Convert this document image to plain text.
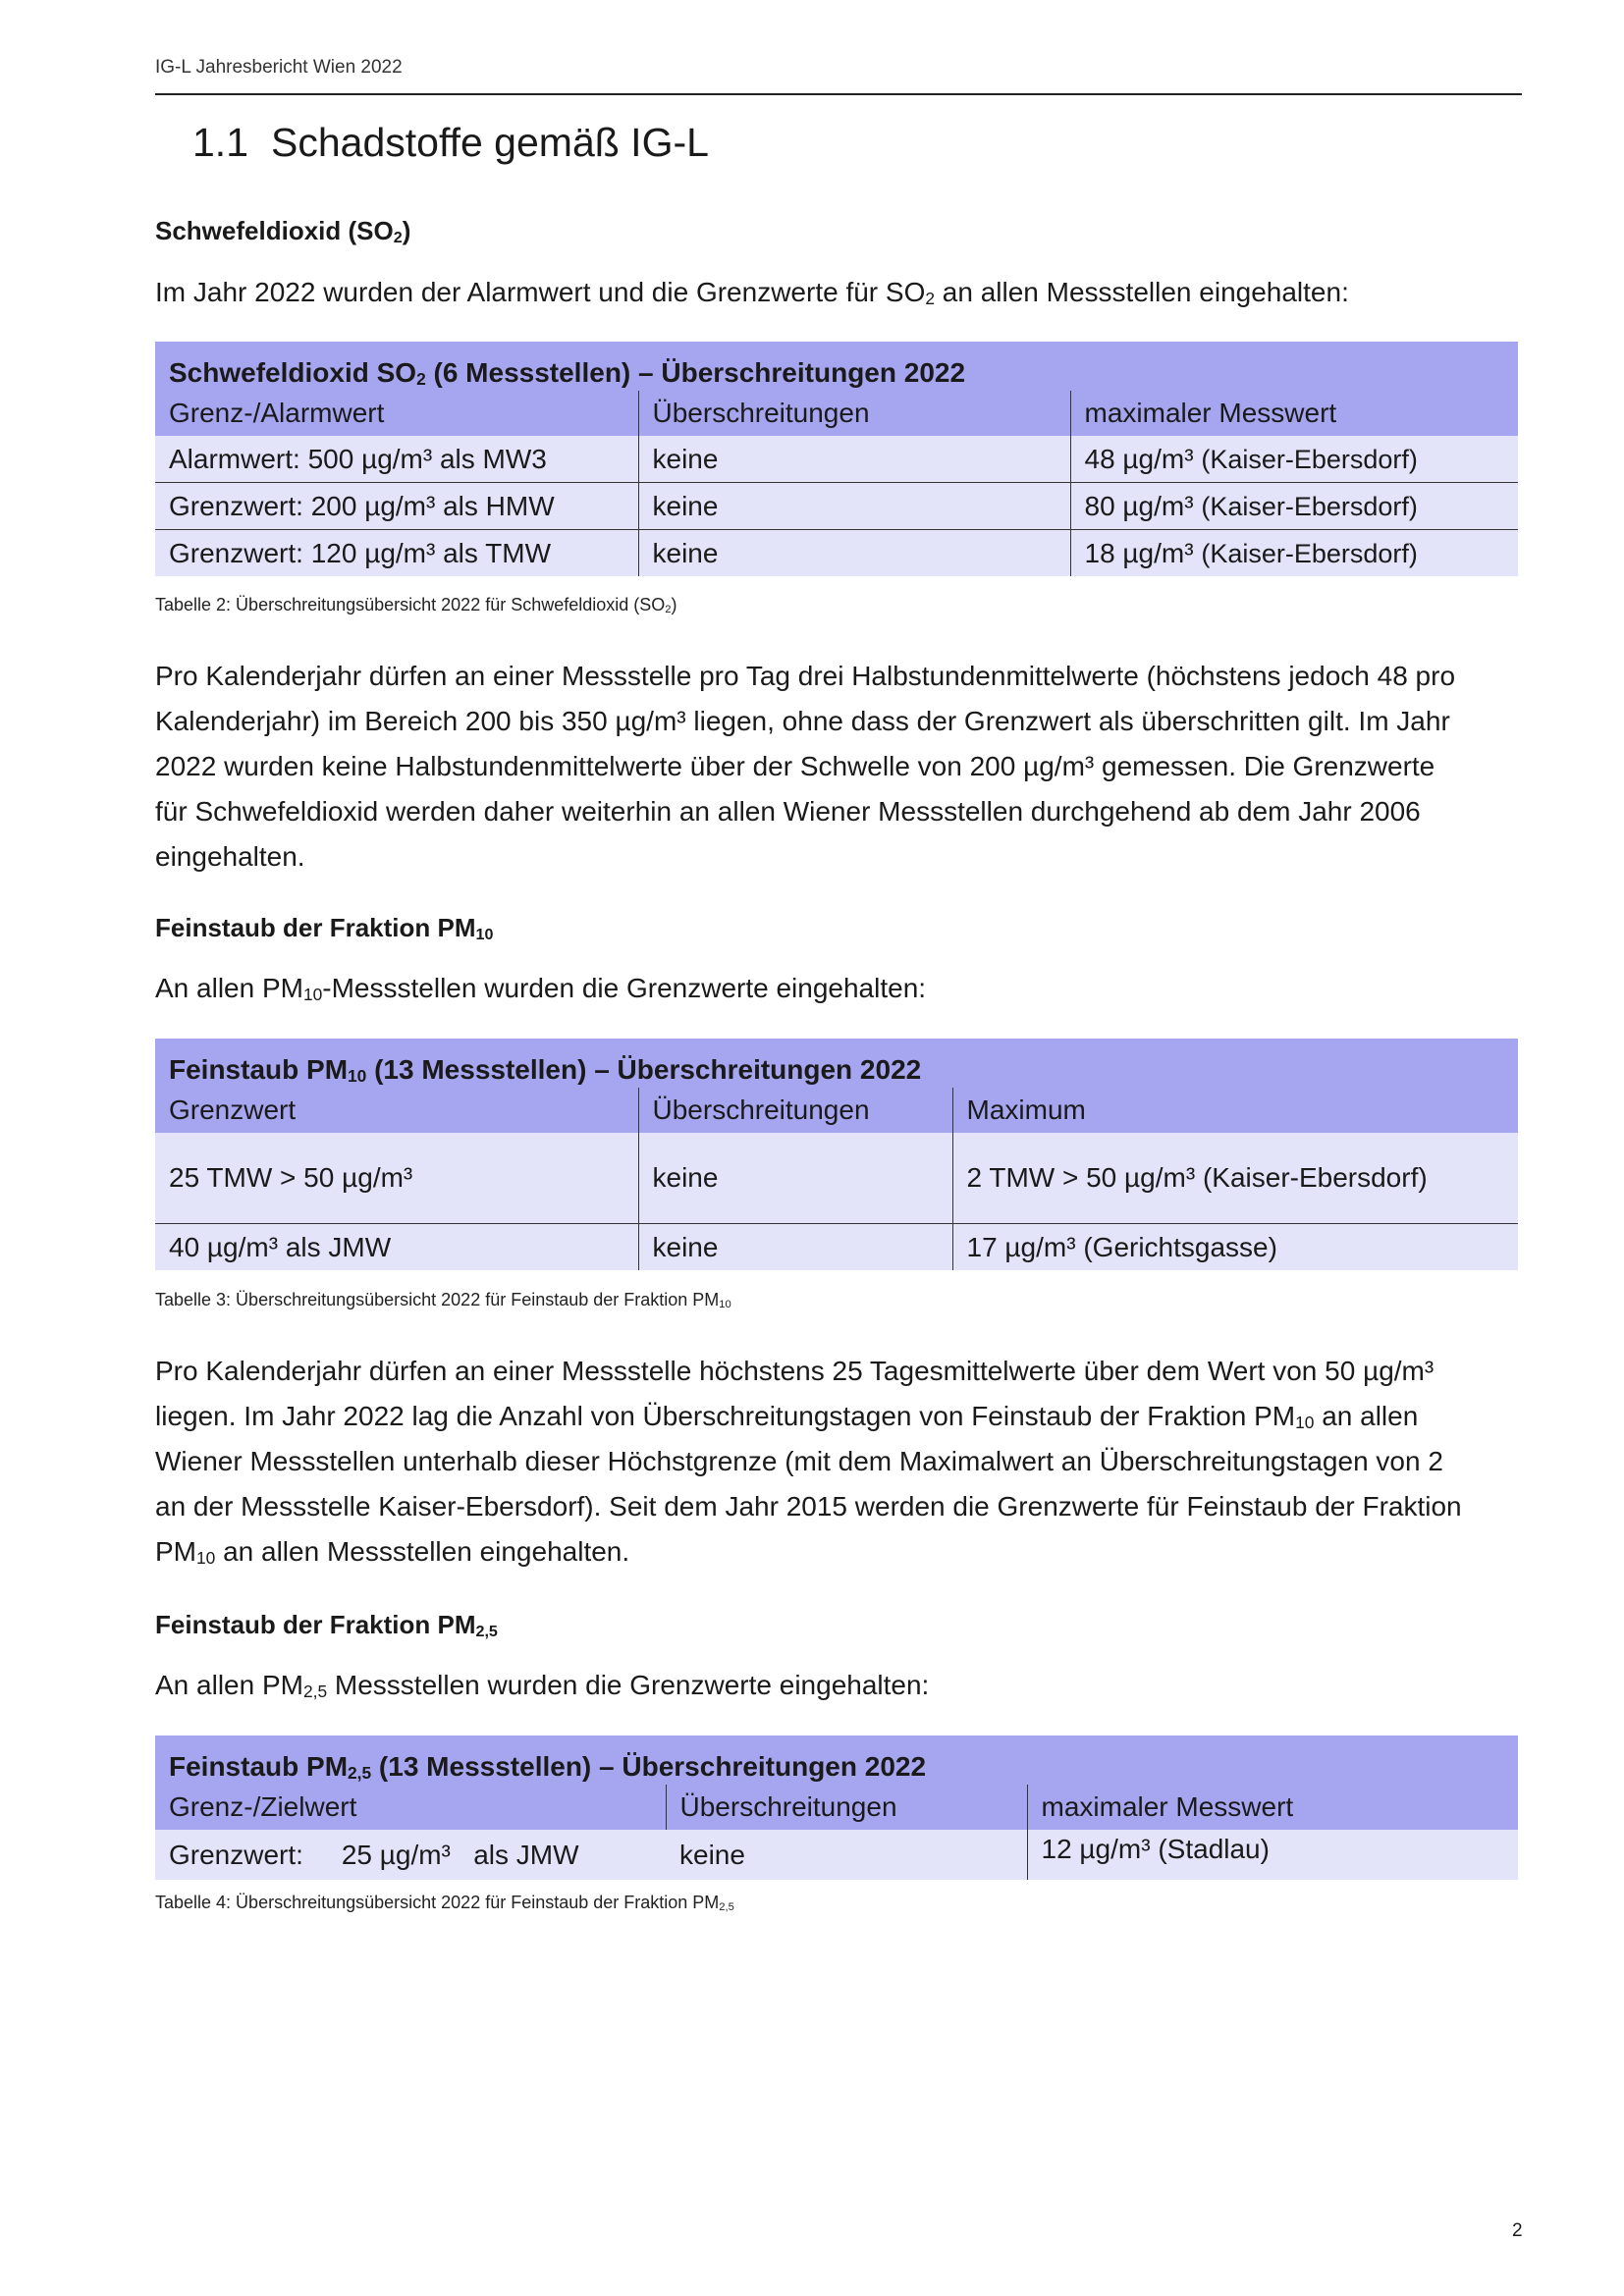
IG-L Jahresbericht Wien 2022
1.1 Schadstoffe gemäß IG-L
Schwefeldioxid $(SO_2)$
Im Jahr 2022 wurden der Alarmwert und die Grenzwerte für $SO_2$ an allen Messstellen eingehalten:
Schwefeldioxid $SO_2$ (6 Messstellen) – Überschreitungen 2022		
Grenz-/Alarmwert	Überschreitungen	maximaler Messwert
Alarmwert: 500 µg/m³ als MW3	keine	48 µg/m³ (Kaiser-Ebersdorf)
Grenzwert: 200 µg/m³ als HMW	keine	80 µg/m³ (Kaiser-Ebersdorf)
Grenzwert: 120 µg/m³ als TMW	keine	18 µg/m³ (Kaiser-Ebersdorf)
Tabelle 2: Überschreitungsübersicht 2022 für Schwefeldioxid $(SO_2)$
Pro Kalenderjahr dürfen an einer Messstelle pro Tag drei Halbstundenmittelwerte (höchstens jedoch 48 pro
Kalenderjahr) im Bereich 200 bis 350 µg/m³ liegen, ohne dass der Grenzwert als überschritten gilt. Im Jahr
2022 wurden keine Halbstundenmittelwerte über der Schwelle von 200 µg/m³ gemessen. Die Grenzwerte
für Schwefeldioxid werden daher weiterhin an allen Wiener Messstellen durchgehend ab dem Jahr 2006
eingehalten.
Feinstaub der Fraktion $PM_{10}$
An allen $PM_{10}$-Messstellen wurden die Grenzwerte eingehalten:
Feinstaub $PM_{10}$ (13 Messstellen) – Überschreitungen 2022		
Grenzwert	Überschreitungen	Maximum
25 TMW > 50 µg/m³	keine	2 TMW > 50 µg/m³ (Kaiser-Ebersdorf)
40 µg/m³ als JMW	keine	17 µg/m³ (Gerichtsgasse)
Tabelle 3: Überschreitungsübersicht 2022 für Feinstaub der Fraktion $PM_{10}$
Pro Kalenderjahr dürfen an einer Messstelle höchstens 25 Tagesmittelwerte über dem Wert von 50 µg/m³
liegen. Im Jahr 2022 lag die Anzahl von Überschreitungstagen von Feinstaub der Fraktion $PM_{10}$ an allen
Wiener Messstellen unterhalb dieser Höchstgrenze (mit dem Maximalwert an Überschreitungstagen von 2
an der Messstelle Kaiser-Ebersdorf). Seit dem Jahr 2015 werden die Grenzwerte für Feinstaub der Fraktion
$PM_{10}$ an allen Messstellen eingehalten.
Feinstaub der Fraktion $PM_{2,5}$
An allen $PM_{2,5}$ Messstellen wurden die Grenzwerte eingehalten:
Feinstaub $PM_{2,5}$ (13 Messstellen) – Überschreitungen 2022		
Grenz-/Zielwert	Überschreitungen	maximaler Messwert
Grenzwert:     25 µg/m³   als JMW	keine	12 µg/m³ (Stadlau)
Tabelle 4: Überschreitungsübersicht 2022 für Feinstaub der Fraktion $PM_{2,5}$
2
